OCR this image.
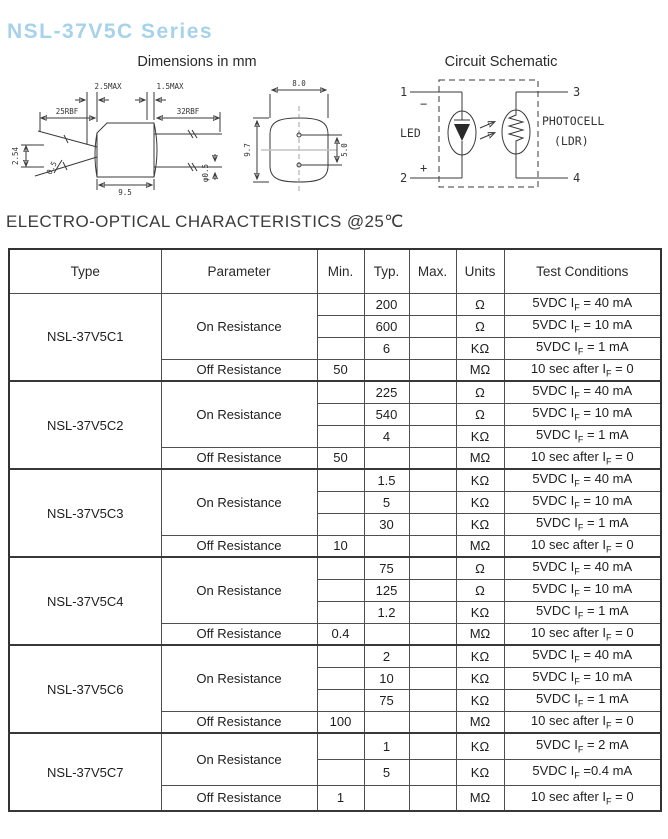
NSL-37V5C Series
Dimensions in mm	Circuit Schematic
25RBF	32RBF
2.5MAX	1.5MAX
2.54
0.5
9.5
φ0.5
8.0
9.7	5.0
1
2
3
4
−
+
LED
PHOTOCELL
(LDR)
ELECTRO-OPTICAL CHARACTERISTICS @25℃
Type	Parameter	Min.	Typ.	Max.	Units	Test Conditions
NSL-37V5C1	On Resistance		200		Ω	5VDC $I_F = 40$ mA
			600		Ω	5VDC $I_F = 10$ mA
			6		KΩ	5VDC $I_F = 1$ mA
	Off Resistance	50			MΩ	10 sec after $I_F = 0$
NSL-37V5C2	On Resistance		225		Ω	5VDC $I_F = 40$ mA
			540		Ω	5VDC $I_F = 10$ mA
			4		KΩ	5VDC $I_F = 1$ mA
	Off Resistance	50			MΩ	10 sec after $I_F = 0$
NSL-37V5C3	On Resistance		1.5		KΩ	5VDC $I_F = 40$ mA
			5		KΩ	5VDC $I_F = 10$ mA
			30		KΩ	5VDC $I_F = 1$ mA
	Off Resistance	10			MΩ	10 sec after $I_F = 0$
NSL-37V5C4	On Resistance		75		Ω	5VDC $I_F = 40$ mA
			125		Ω	5VDC $I_F = 10$ mA
			1.2		KΩ	5VDC $I_F = 1$ mA
	Off Resistance	0.4			MΩ	10 sec after $I_F = 0$
NSL-37V5C6	On Resistance		2		KΩ	5VDC $I_F = 40$ mA
			10		KΩ	5VDC $I_F = 10$ mA
			75		KΩ	5VDC $I_F = 1$ mA
	Off Resistance	100			MΩ	10 sec after $I_F = 0$
NSL-37V5C7	On Resistance		1		KΩ	5VDC $I_F = 2$ mA
			5		KΩ	5VDC $I_F =0.4$ mA
	Off Resistance	1			MΩ	10 sec after $I_F = 0$
